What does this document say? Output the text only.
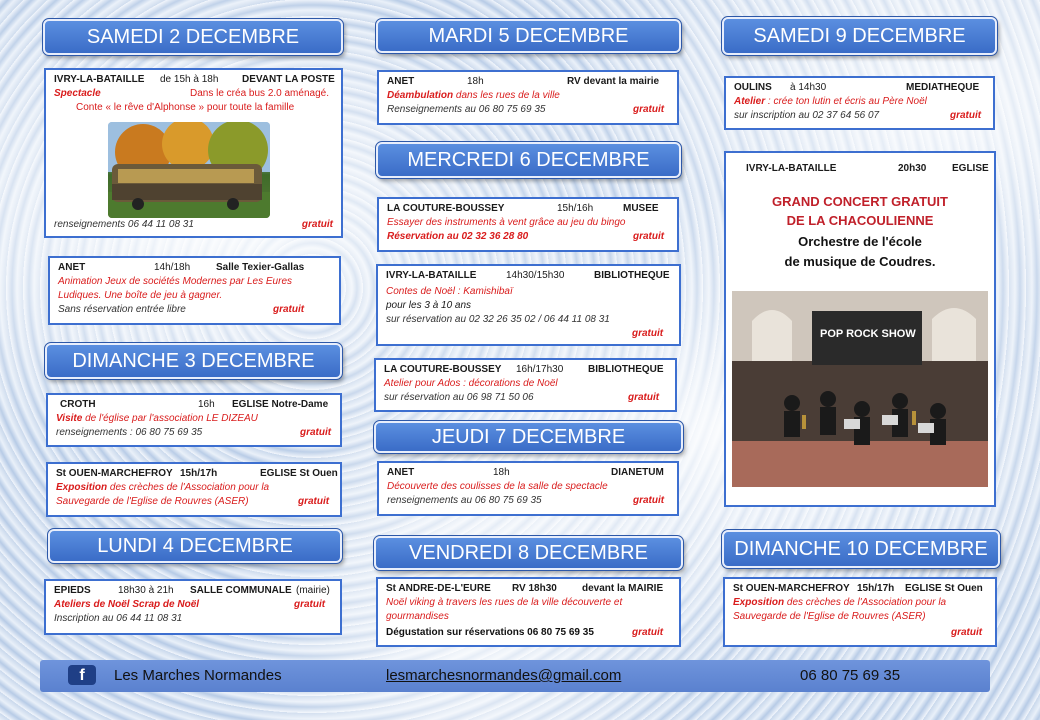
SAMEDI 2 DECEMBRE
IVRY-LA-BATAILLE de 15h à 18h DEVANT LA POSTE
Spectacle	Dans le créa bus 2.0 aménagé.
Conte « le rêve d'Alphonse » pour toute la famille
renseignements 06 44 11 08 31	gratuit
ANET	14h/18h	Salle Texier-Gallas
Animation Jeux de sociétés Modernes par Les Eures
Ludiques. Une boîte de jeu à gagner.
Sans réservation entrée libre	gratuit
DIMANCHE 3 DECEMBRE
CROTH	16h EGLISE Notre-Dame
Visite de l'église par l'association LE DIZEAU
renseignements : 06 80 75 69 35	gratuit
St OUEN-MARCHEFROY 15h/17h	EGLISE St Ouen
Exposition des crèches de l'Association pour la
Sauvegarde de l'Eglise de Rouvres (ASER)	gratuit
LUNDI 4 DECEMBRE
EPIEDS	18h30 à 21h SALLE COMMUNALE (mairie)
Ateliers de Noël Scrap de Noël	gratuit
Inscription au 06 44 11 08 31
MARDI 5 DECEMBRE
ANET	18h	RV devant la mairie
Déambulation dans les rues de la ville
Renseignements au 06 80 75 69 35	gratuit
MERCREDI 6 DECEMBRE
LA COUTURE-BOUSSEY	15h/16h	MUSEE
Essayer des instruments à vent grâce au jeu du bingo
Réservation au 02 32 36 28 80	gratuit
IVRY-LA-BATAILLE	14h30/15h30	BIBLIOTHEQUE
Contes de Noël : Kamishibaï
pour les 3 à 10 ans
sur réservation au 02 32 26 35 02 / 06 44 11 08 31
gratuit
LA COUTURE-BOUSSEY 16h/17h30 BIBLIOTHEQUE
Atelier pour Ados : décorations de Noël
sur réservation au 06 98 71 50 06	gratuit
JEUDI 7 DECEMBRE
ANET	18h	DIANETUM
Découverte des coulisses de la salle de spectacle
renseignements au 06 80 75 69 35	gratuit
VENDREDI 8 DECEMBRE
St ANDRE-DE-L'EURE RV 18h30	devant la MAIRIE
Noël viking à travers les rues de la ville découverte et
gourmandises
Dégustation sur réservations 06 80 75 69 35	gratuit
SAMEDI 9 DECEMBRE
OULINS à 14h30	MEDIATHEQUE
Atelier : crée ton lutin et écris au Père Noël
sur inscription au 02 37 64 56 07	gratuit
IVRY-LA-BATAILLE	20h30	EGLISE
GRAND CONCERT GRATUIT
DE LA CHACOULIENNE
Orchestre de l'école
de musique de Coudres.
POP ROCK SHOW
DIMANCHE 10 DECEMBRE
St OUEN-MARCHEFROY 15h/17h EGLISE St Ouen
Exposition des crèches de l'Association pour la
Sauvegarde de l'Eglise de Rouvres (ASER)
gratuit
f	Les Marches Normandes	lesmarchesnormandes@gmail.com	06 80 75 69 35
